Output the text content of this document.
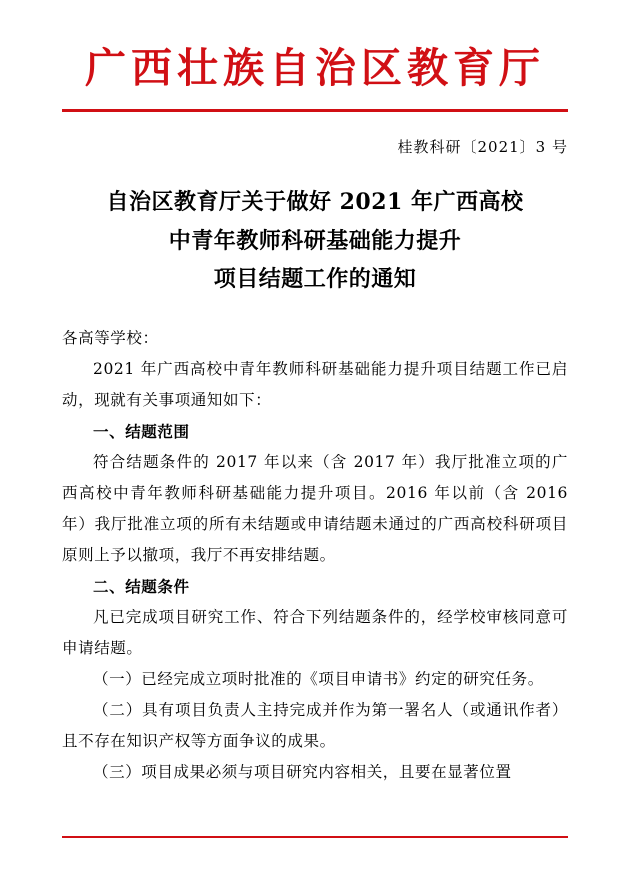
广西壮族自治区教育厅
桂教科研〔2021〕3 号
自治区教育厅关于做好 2021 年广西高校
中青年教师科研基础能力提升
项目结题工作的通知

各高等学校：

2021 年广西高校中青年教师科研基础能力提升项目结题工作已启动，现就有关事项通知如下：

一、结题范围

符合结题条件的 2017 年以来（含 2017 年）我厅批准立项的广西高校中青年教师科研基础能力提升项目。2016 年以前（含 2016 年）我厅批准立项的所有未结题或申请结题未通过的广西高校科研项目原则上予以撤项，我厅不再安排结题。

二、结题条件

凡已完成项目研究工作、符合下列结题条件的，经学校审核同意可申请结题。

（一）已经完成立项时批准的《项目申请书》约定的研究任务。

（二）具有项目负责人主持完成并作为第一署名人（或通讯作者）且不存在知识产权等方面争议的成果。

（三）项目成果必须与项目研究内容相关，且要在显著位置
